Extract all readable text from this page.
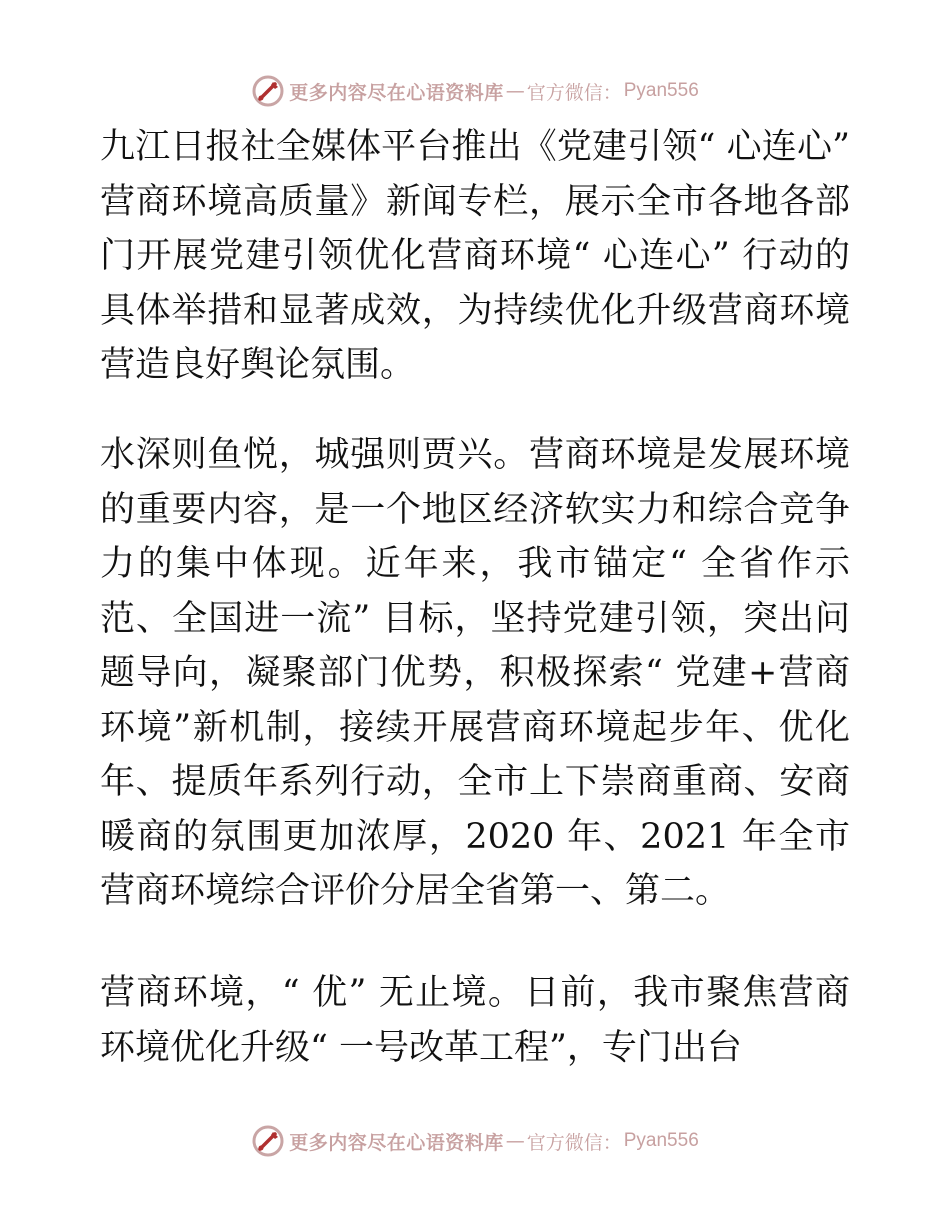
更多内容尽在心语资料库 — 官方微信： Pyan556

九江日报社全媒体平台推出《党建引领“ 心连心”　营商环境高质量》新闻专栏，展示全市各地各部门开展党建引领优化营商环境“ 心连心” 行动的具体举措和显著成效，为持续优化升级营商环境营造良好舆论氛围。

水深则鱼悦，城强则贾兴。营商环境是发展环境的重要内容，是一个地区经济软实力和综合竞争力的集中体现。近年来，我市锚定“ 全省作示范、全国进一流” 目标，坚持党建引领，突出问题导向，凝聚部门优势，积极探索“ 党建+营商环境”新机制，接续开展营商环境起步年、优化年、提质年系列行动，全市上下崇商重商、安商暖商的氛围更加浓厚，2020 年、2021 年全市营商环境综合评价分居全省第一、第二。

营商环境，“ 优” 无止境。日前，我市聚焦营商环境优化升级“ 一号改革工程”，专门出台

更多内容尽在心语资料库 — 官方微信： Pyan556
